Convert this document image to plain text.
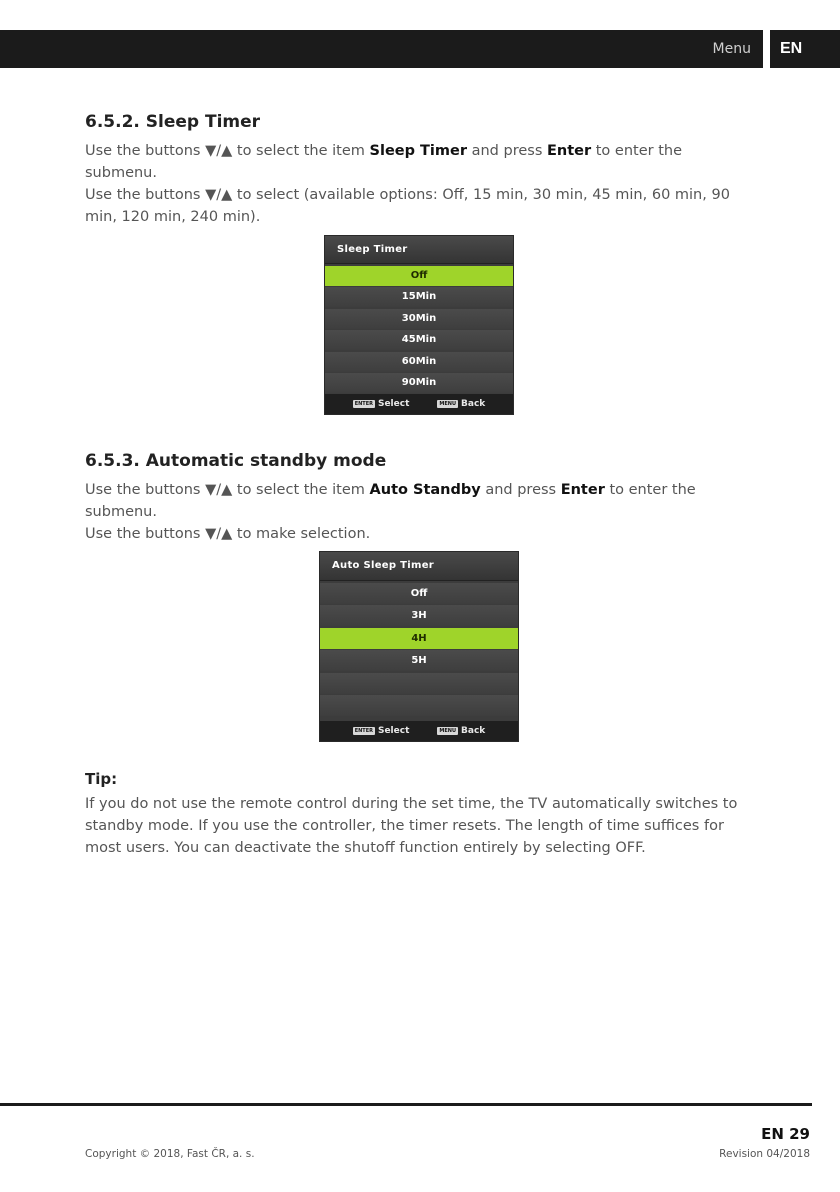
Menu	EN
6.5.2. Sleep Timer

Use the buttons ▼/▲ to select the item Sleep Timer and press Enter to enter the submenu.

Use the buttons ▼/▲ to select (available options: Off, 15 min, 30 min, 45 min, 60 min, 90 min, 120 min, 240 min).

6.5.3. Automatic standby mode

Use the buttons ▼/▲ to select the item Auto Standby and press Enter to enter the submenu.

Use the buttons ▼/▲ to make selection.

Tip:

If you do not use the remote control during the set time, the TV automatically switches to standby mode. If you use the controller, the timer resets. The length of time suffices for most users. You can deactivate the shutoff function entirely by selecting OFF.

Sleep Timer
Off
15Min
30Min
45Min
60Min
90Min
ENTER Select	MENU Back
Auto Sleep Timer
Off
3H
4H
5H
ENTER Select	MENU Back
EN 29
Copyright © 2018, Fast ČR, a. s.	Revision 04/2018
